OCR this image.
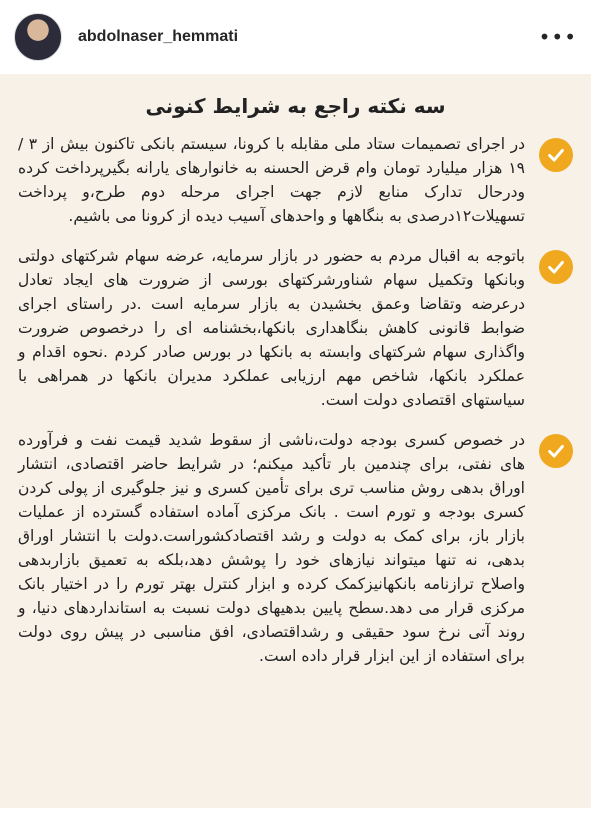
abdolnaser_hemmati	•••
سه نکته راجع به شرایط کنونی
در اجرای تصمیمات ستاد ملی مقابله با کرونا، سیستم بانکی تاکنون بیش از ۳ /۱۹ هزار میلیارد تومان وام قرض الحسنه به خانوارهای یارانه بگیرپرداخت کرده ودرحال تدارک منابع لازم جهت اجرای مرحله دوم طرح،و پرداخت تسهیلات۱۲درصدی به بنگاهها و واحدهای آسیب دیده از کرونا می باشیم.
باتوجه به اقبال مردم به حضور در بازار سرمایه، عرضه سهام شرکتهای دولتی وبانکها وتکمیل سهام شناورشرکتهای بورسی از ضرورت های ایجاد تعادل درعرضه وتقاضا وعمق بخشیدن به بازار سرمایه است .در راستای اجرای ضوابط قانونی کاهش بنگاهداری بانکها،بخشنامه ای را درخصوص ضرورت واگذاری سهام شرکتهای وابسته به بانکها در بورس صادر کردم .نحوه اقدام و عملکرد بانکها، شاخص مهم ارزیابی عملکرد مدیران بانکها در همراهی با سیاستهای اقتصادی دولت است.
در خصوص کسری بودجه دولت،ناشی از سقوط شدید قیمت نفت و فرآورده های نفتی، برای چندمین بار تأکید میکنم؛ در شرایط حاضر اقتصادی، انتشار اوراق بدهی روش مناسب تری برای تأمین کسری و نیز جلوگیری از پولی کردن کسری بودجه و تورم است . بانک مرکزی آماده استفاده گسترده از عملیات بازار باز، برای کمک به دولت و رشد اقتصادکشوراست.دولت با انتشار اوراق بدهی، نه تنها میتواند نیازهای خود را پوشش دهد،بلکه به تعمیق بازاربدهی واصلاح ترازنامه بانکهانیزکمک کرده و ابزار کنترل بهتر تورم را در اختیار بانک مرکزی قرار می دهد.سطح پایین بدهیهای دولت نسبت به استانداردهای دنیا، و روند آتی نرخ سود حقیقی و رشداقتصادی، افق مناسبی در پیش روی دولت برای استفاده از این ابزار قرار داده است.
